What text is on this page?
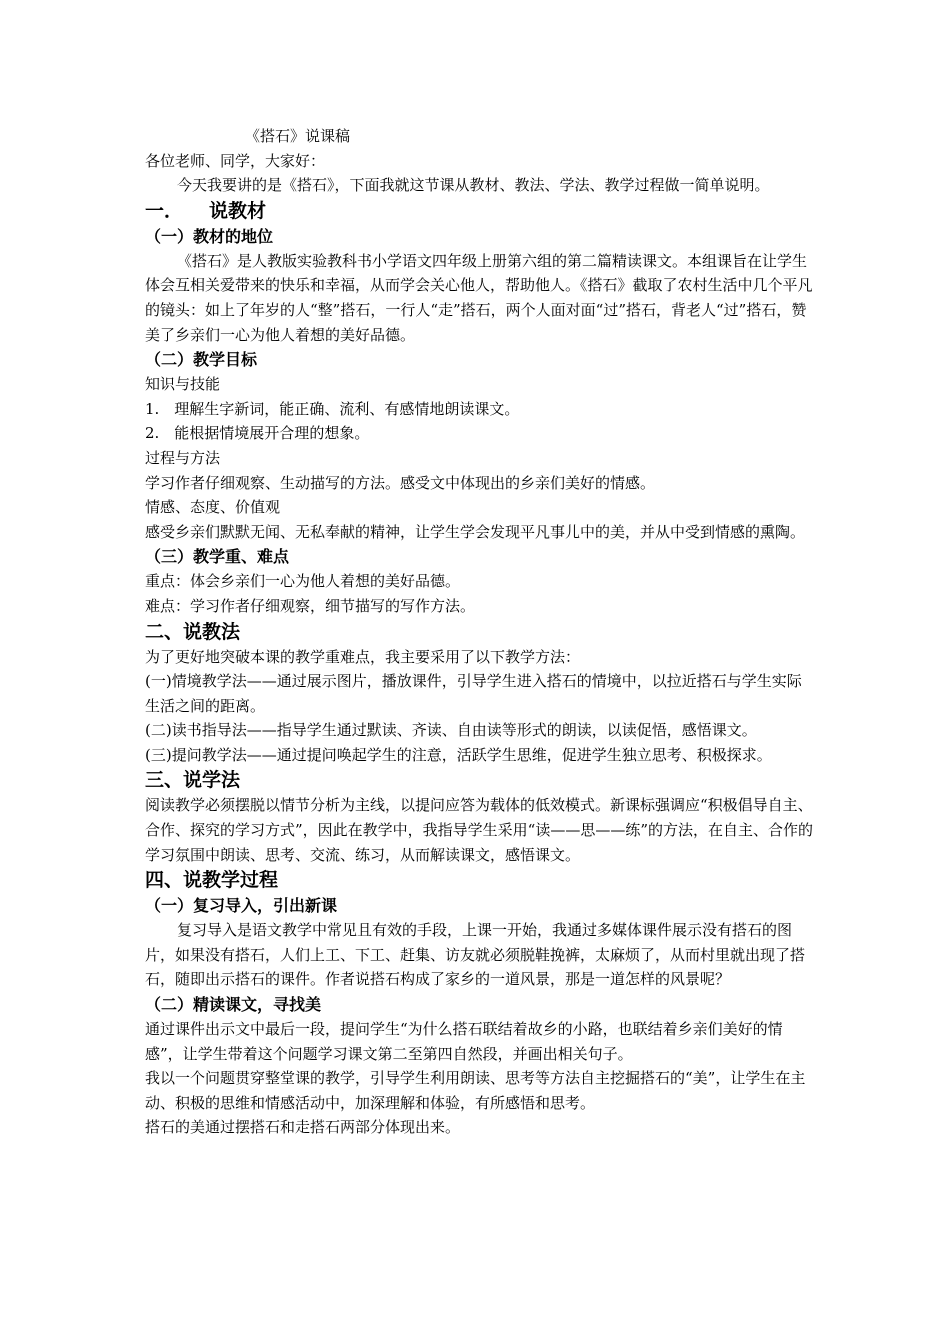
《搭石》说课稿

各位老师、同学，大家好：

今天我要讲的是《搭石》，下面我就这节课从教材、教法、学法、教学过程做一简单说明。

一． 说教材
（一）教材的地位

《搭石》是人教版实验教科书小学语文四年级上册第六组的第二篇精读课文。本组课旨在让学生体会互相关爱带来的快乐和幸福，从而学会关心他人，帮助他人。《搭石》截取了农村生活中几个平凡的镜头：如上了年岁的人“整”搭石，一行人“走”搭石，两个人面对面“过”搭石，背老人“过”搭石，赞美了乡亲们一心为他人着想的美好品德。

（二）教学目标

知识与技能

1.　理解生字新词，能正确、流利、有感情地朗读课文。

2.　能根据情境展开合理的想象。

过程与方法

学习作者仔细观察、生动描写的方法。感受文中体现出的乡亲们美好的情感。

情感、态度、价值观

感受乡亲们默默无闻、无私奉献的精神，让学生学会发现平凡事儿中的美，并从中受到情感的熏陶。

（三）教学重、难点

重点：体会乡亲们一心为他人着想的美好品德。

难点：学习作者仔细观察，细节描写的写作方法。

二、说教法

为了更好地突破本课的教学重难点，我主要采用了以下教学方法：

(一)情境教学法——通过展示图片，播放课件，引导学生进入搭石的情境中，以拉近搭石与学生实际生活之间的距离。

(二)读书指导法——指导学生通过默读、齐读、自由读等形式的朗读，以读促悟，感悟课文。

(三)提问教学法——通过提问唤起学生的注意，活跃学生思维，促进学生独立思考、积极探求。

三、说学法

阅读教学必须摆脱以情节分析为主线，以提问应答为载体的低效模式。新课标强调应“积极倡导自主、合作、探究的学习方式”，因此在教学中，我指导学生采用“读——思——练”的方法，在自主、合作的学习氛围中朗读、思考、交流、练习，从而解读课文，感悟课文。

四、说教学过程
（一）复习导入，引出新课

复习导入是语文教学中常见且有效的手段，上课一开始，我通过多媒体课件展示没有搭石的图片，如果没有搭石，人们上工、下工、赶集、访友就必须脱鞋挽裤，太麻烦了，从而村里就出现了搭石，随即出示搭石的课件。作者说搭石构成了家乡的一道风景，那是一道怎样的风景呢？

（二）精读课文，寻找美

通过课件出示文中最后一段，提问学生“为什么搭石联结着故乡的小路，也联结着乡亲们美好的情感”，让学生带着这个问题学习课文第二至第四自然段，并画出相关句子。

我以一个问题贯穿整堂课的教学，引导学生利用朗读、思考等方法自主挖掘搭石的“美”，让学生在主动、积极的思维和情感活动中，加深理解和体验，有所感悟和思考。

搭石的美通过摆搭石和走搭石两部分体现出来。
